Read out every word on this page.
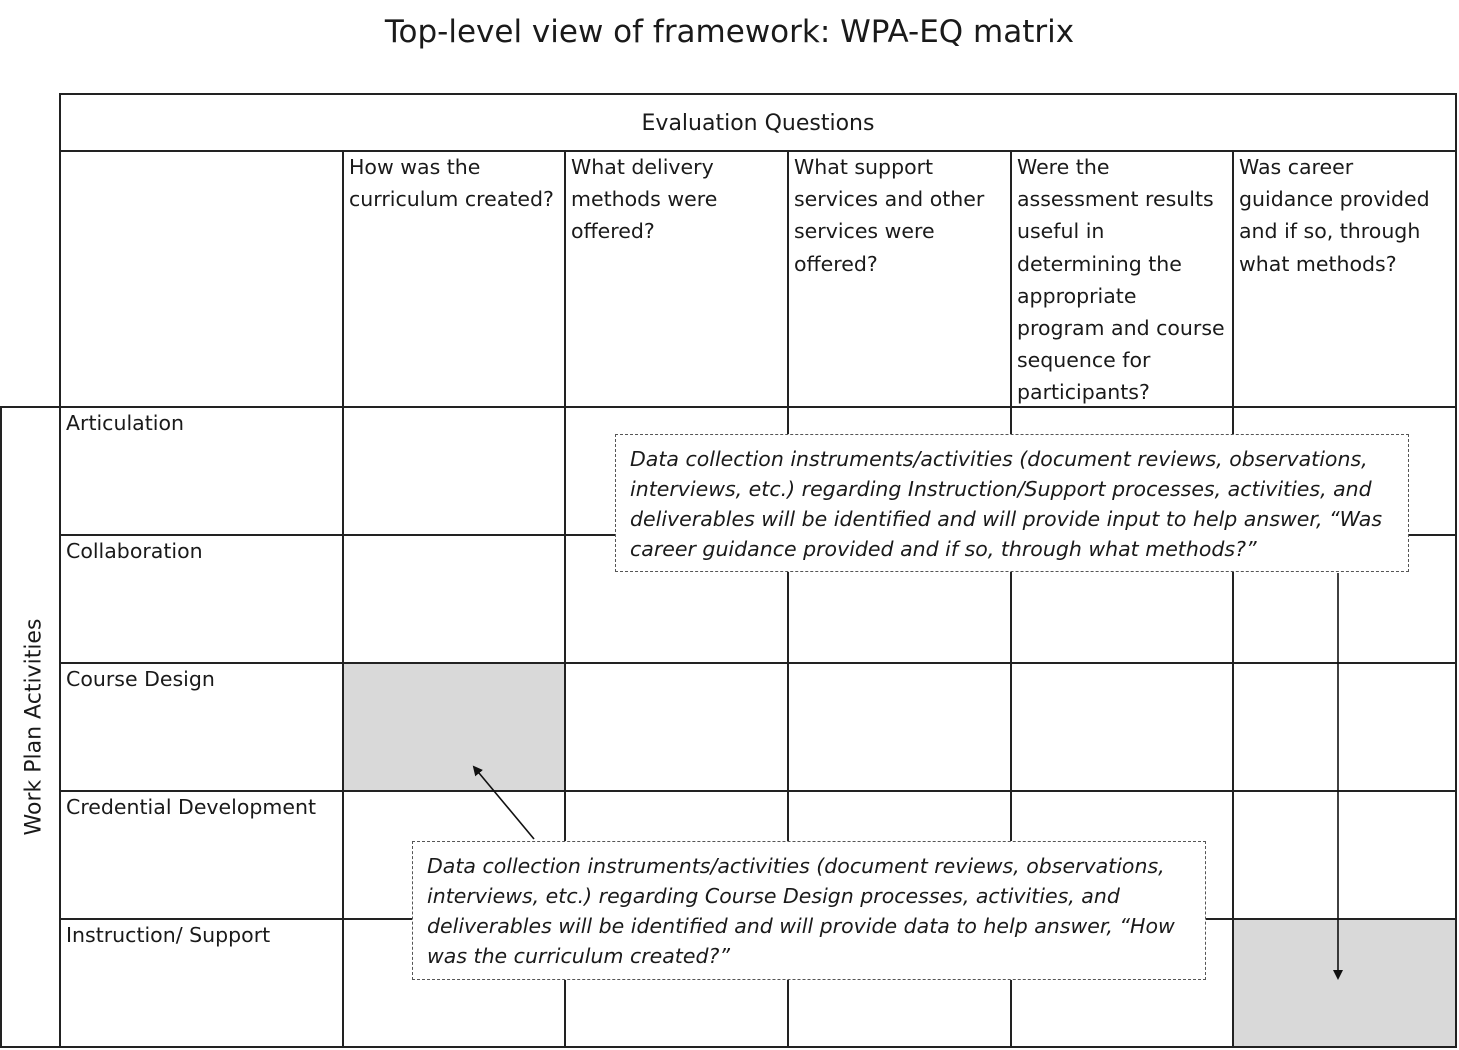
Top-level view of framework: WPA-EQ matrix
Evaluation Questions
How was the curriculum created?
What delivery methods were offered?
What support services and other services were offered?
Were the assessment results useful in determining the appropriate program and course sequence for participants?
Was career guidance provided and if so, through what methods?
Articulation
Collaboration
Course Design
Credential Development
Instruction/ Support
Work Plan Activities
Data collection instruments/activities (document reviews, observations, interviews, etc.) regarding Instruction/Support processes, activities, and deliverables will be identified and will provide input to help answer, “Was career guidance provided and if so, through what methods?”
Data collection instruments/activities (document reviews, observations, interviews, etc.) regarding Course Design processes, activities, and deliverables will be identified and will provide data to help answer, “How was the curriculum created?”
